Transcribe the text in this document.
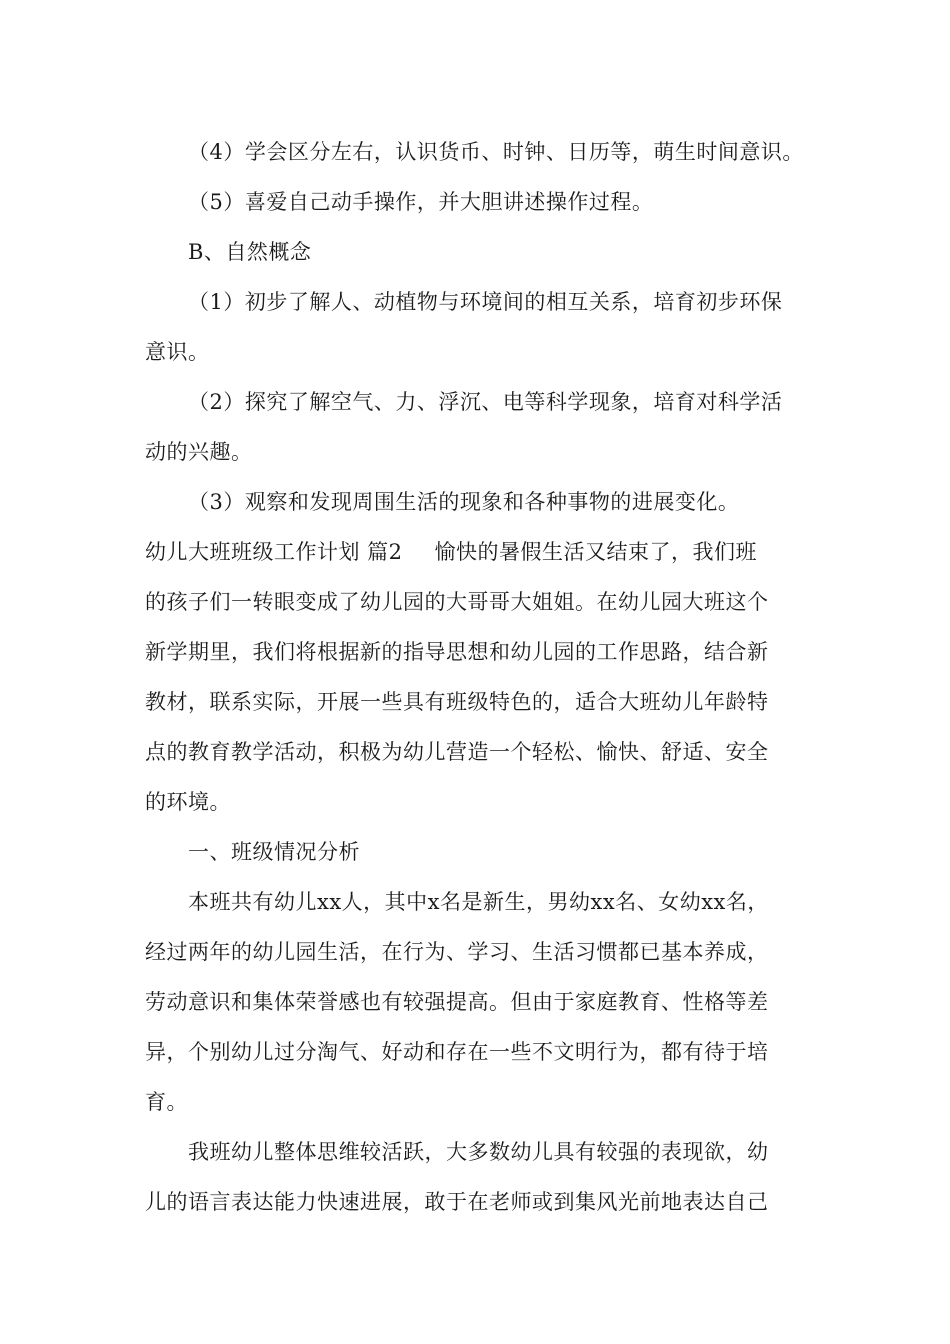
（4）学会区分左右，认识货币、时钟、日历等，萌生时间意识。
（5）喜爱自己动手操作，并大胆讲述操作过程。
B、自然概念
（1）初步了解人、动植物与环境间的相互关系，培育初步环保
意识。
（2）探究了解空气、力、浮沉、电等科学现象，培育对科学活
动的兴趣。
（3）观察和发现周围生活的现象和各种事物的进展变化。
幼儿大班班级工作计划 篇2 愉快的暑假生活又结束了，我们班
的孩子们一转眼变成了幼儿园的大哥哥大姐姐。在幼儿园大班这个
新学期里，我们将根据新的指导思想和幼儿园的工作思路，结合新
教材，联系实际，开展一些具有班级特色的，适合大班幼儿年龄特
点的教育教学活动，积极为幼儿营造一个轻松、愉快、舒适、安全
的环境。
一、班级情况分析
本班共有幼儿xx人，其中x名是新生，男幼xx名、女幼xx名，
经过两年的幼儿园生活，在行为、学习、生活习惯都已基本养成，
劳动意识和集体荣誉感也有较强提高。但由于家庭教育、性格等差
异，个别幼儿过分淘气、好动和存在一些不文明行为，都有待于培
育。
我班幼儿整体思维较活跃，大多数幼儿具有较强的表现欲，幼
儿的语言表达能力快速进展，敢于在老师或到集风光前地表达自己
